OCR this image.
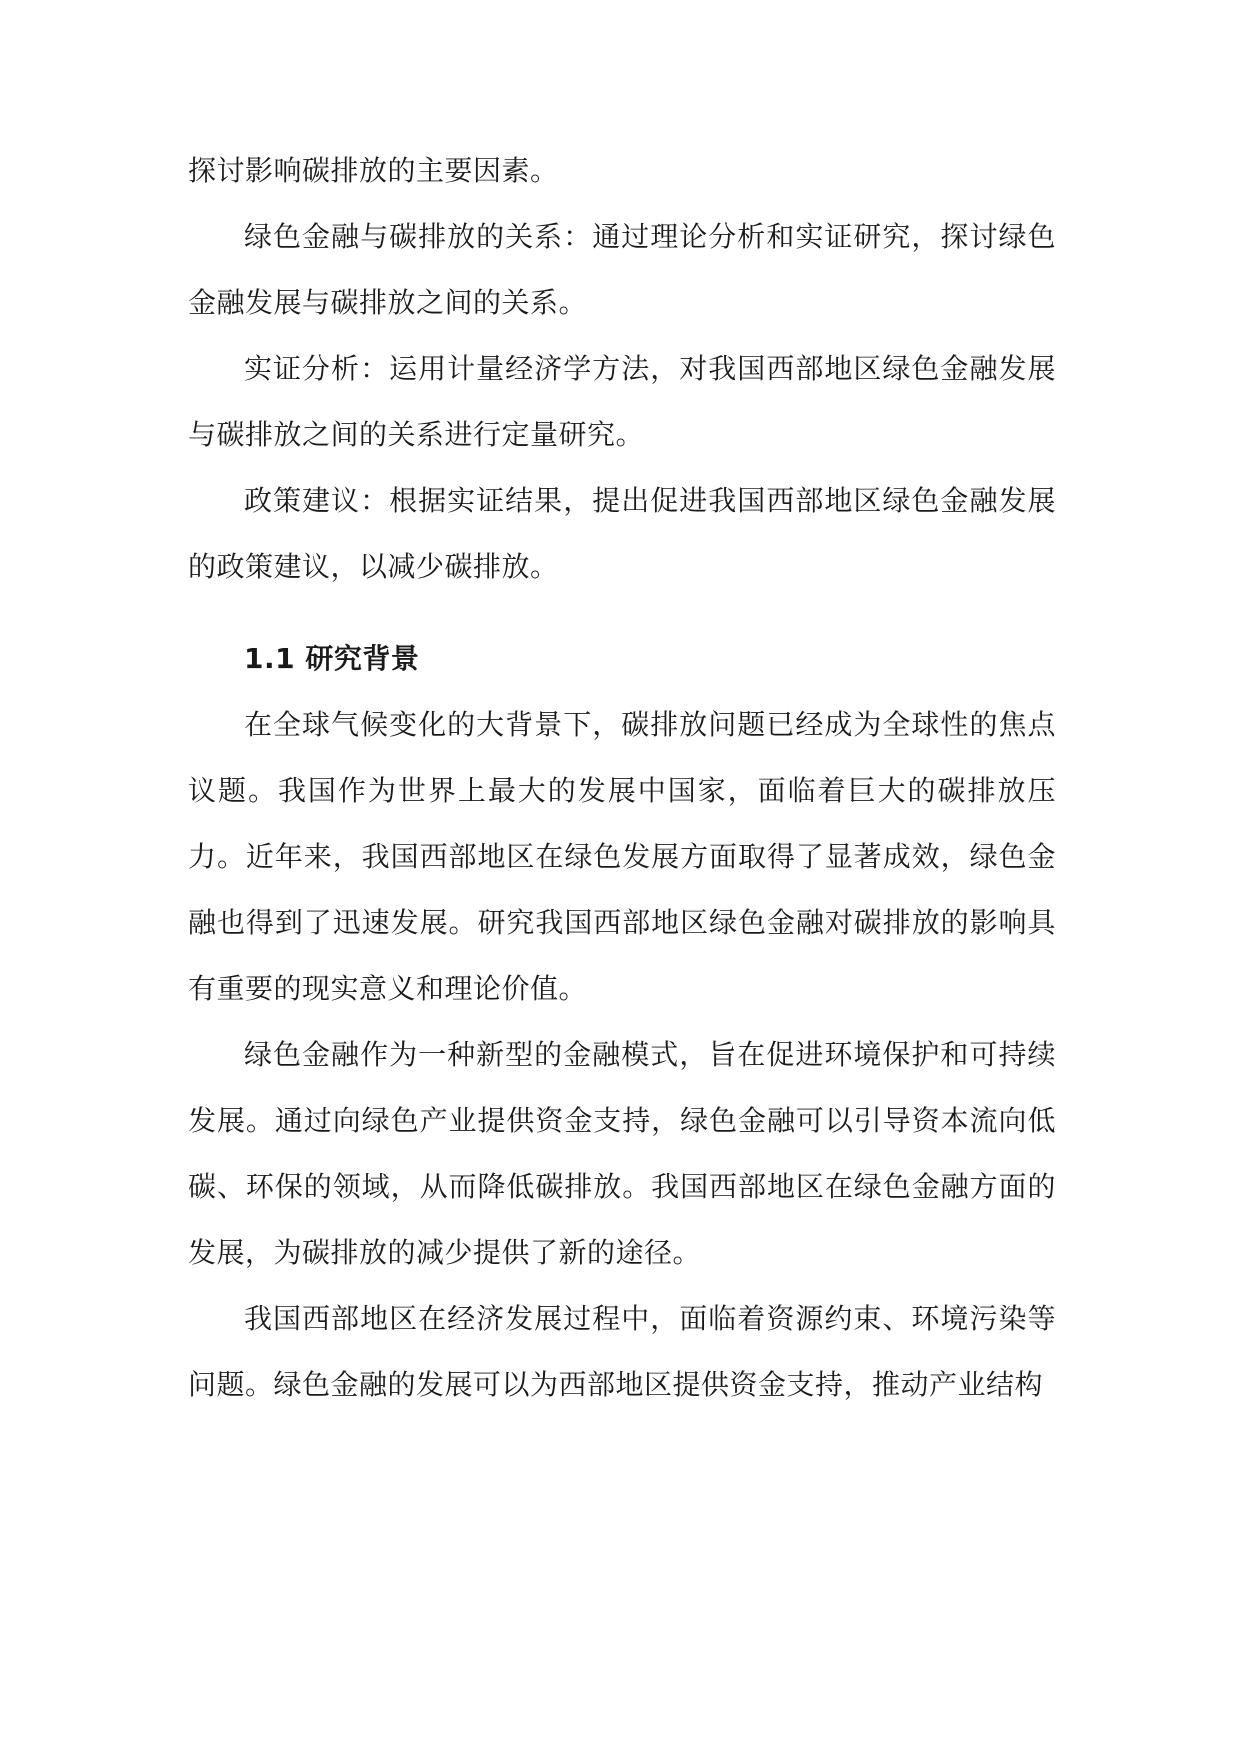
探讨影响碳排放的主要因素。

绿色金融与碳排放的关系：通过理论分析和实证研究，探讨绿色金融发展与碳排放之间的关系。

实证分析：运用计量经济学方法，对我国西部地区绿色金融发展与碳排放之间的关系进行定量研究。

政策建议：根据实证结果，提出促进我国西部地区绿色金融发展的政策建议，以减少碳排放。

1.1 研究背景

在全球气候变化的大背景下，碳排放问题已经成为全球性的焦点议题。我国作为世界上最大的发展中国家，面临着巨大的碳排放压力。近年来，我国西部地区在绿色发展方面取得了显著成效，绿色金融也得到了迅速发展。研究我国西部地区绿色金融对碳排放的影响具有重要的现实意义和理论价值。

绿色金融作为一种新型的金融模式，旨在促进环境保护和可持续发展。通过向绿色产业提供资金支持，绿色金融可以引导资本流向低碳、环保的领域，从而降低碳排放。我国西部地区在绿色金融方面的发展，为碳排放的减少提供了新的途径。

我国西部地区在经济发展过程中，面临着资源约束、环境污染等问题。绿色金融的发展可以为西部地区提供资金支持，推动产业结构
